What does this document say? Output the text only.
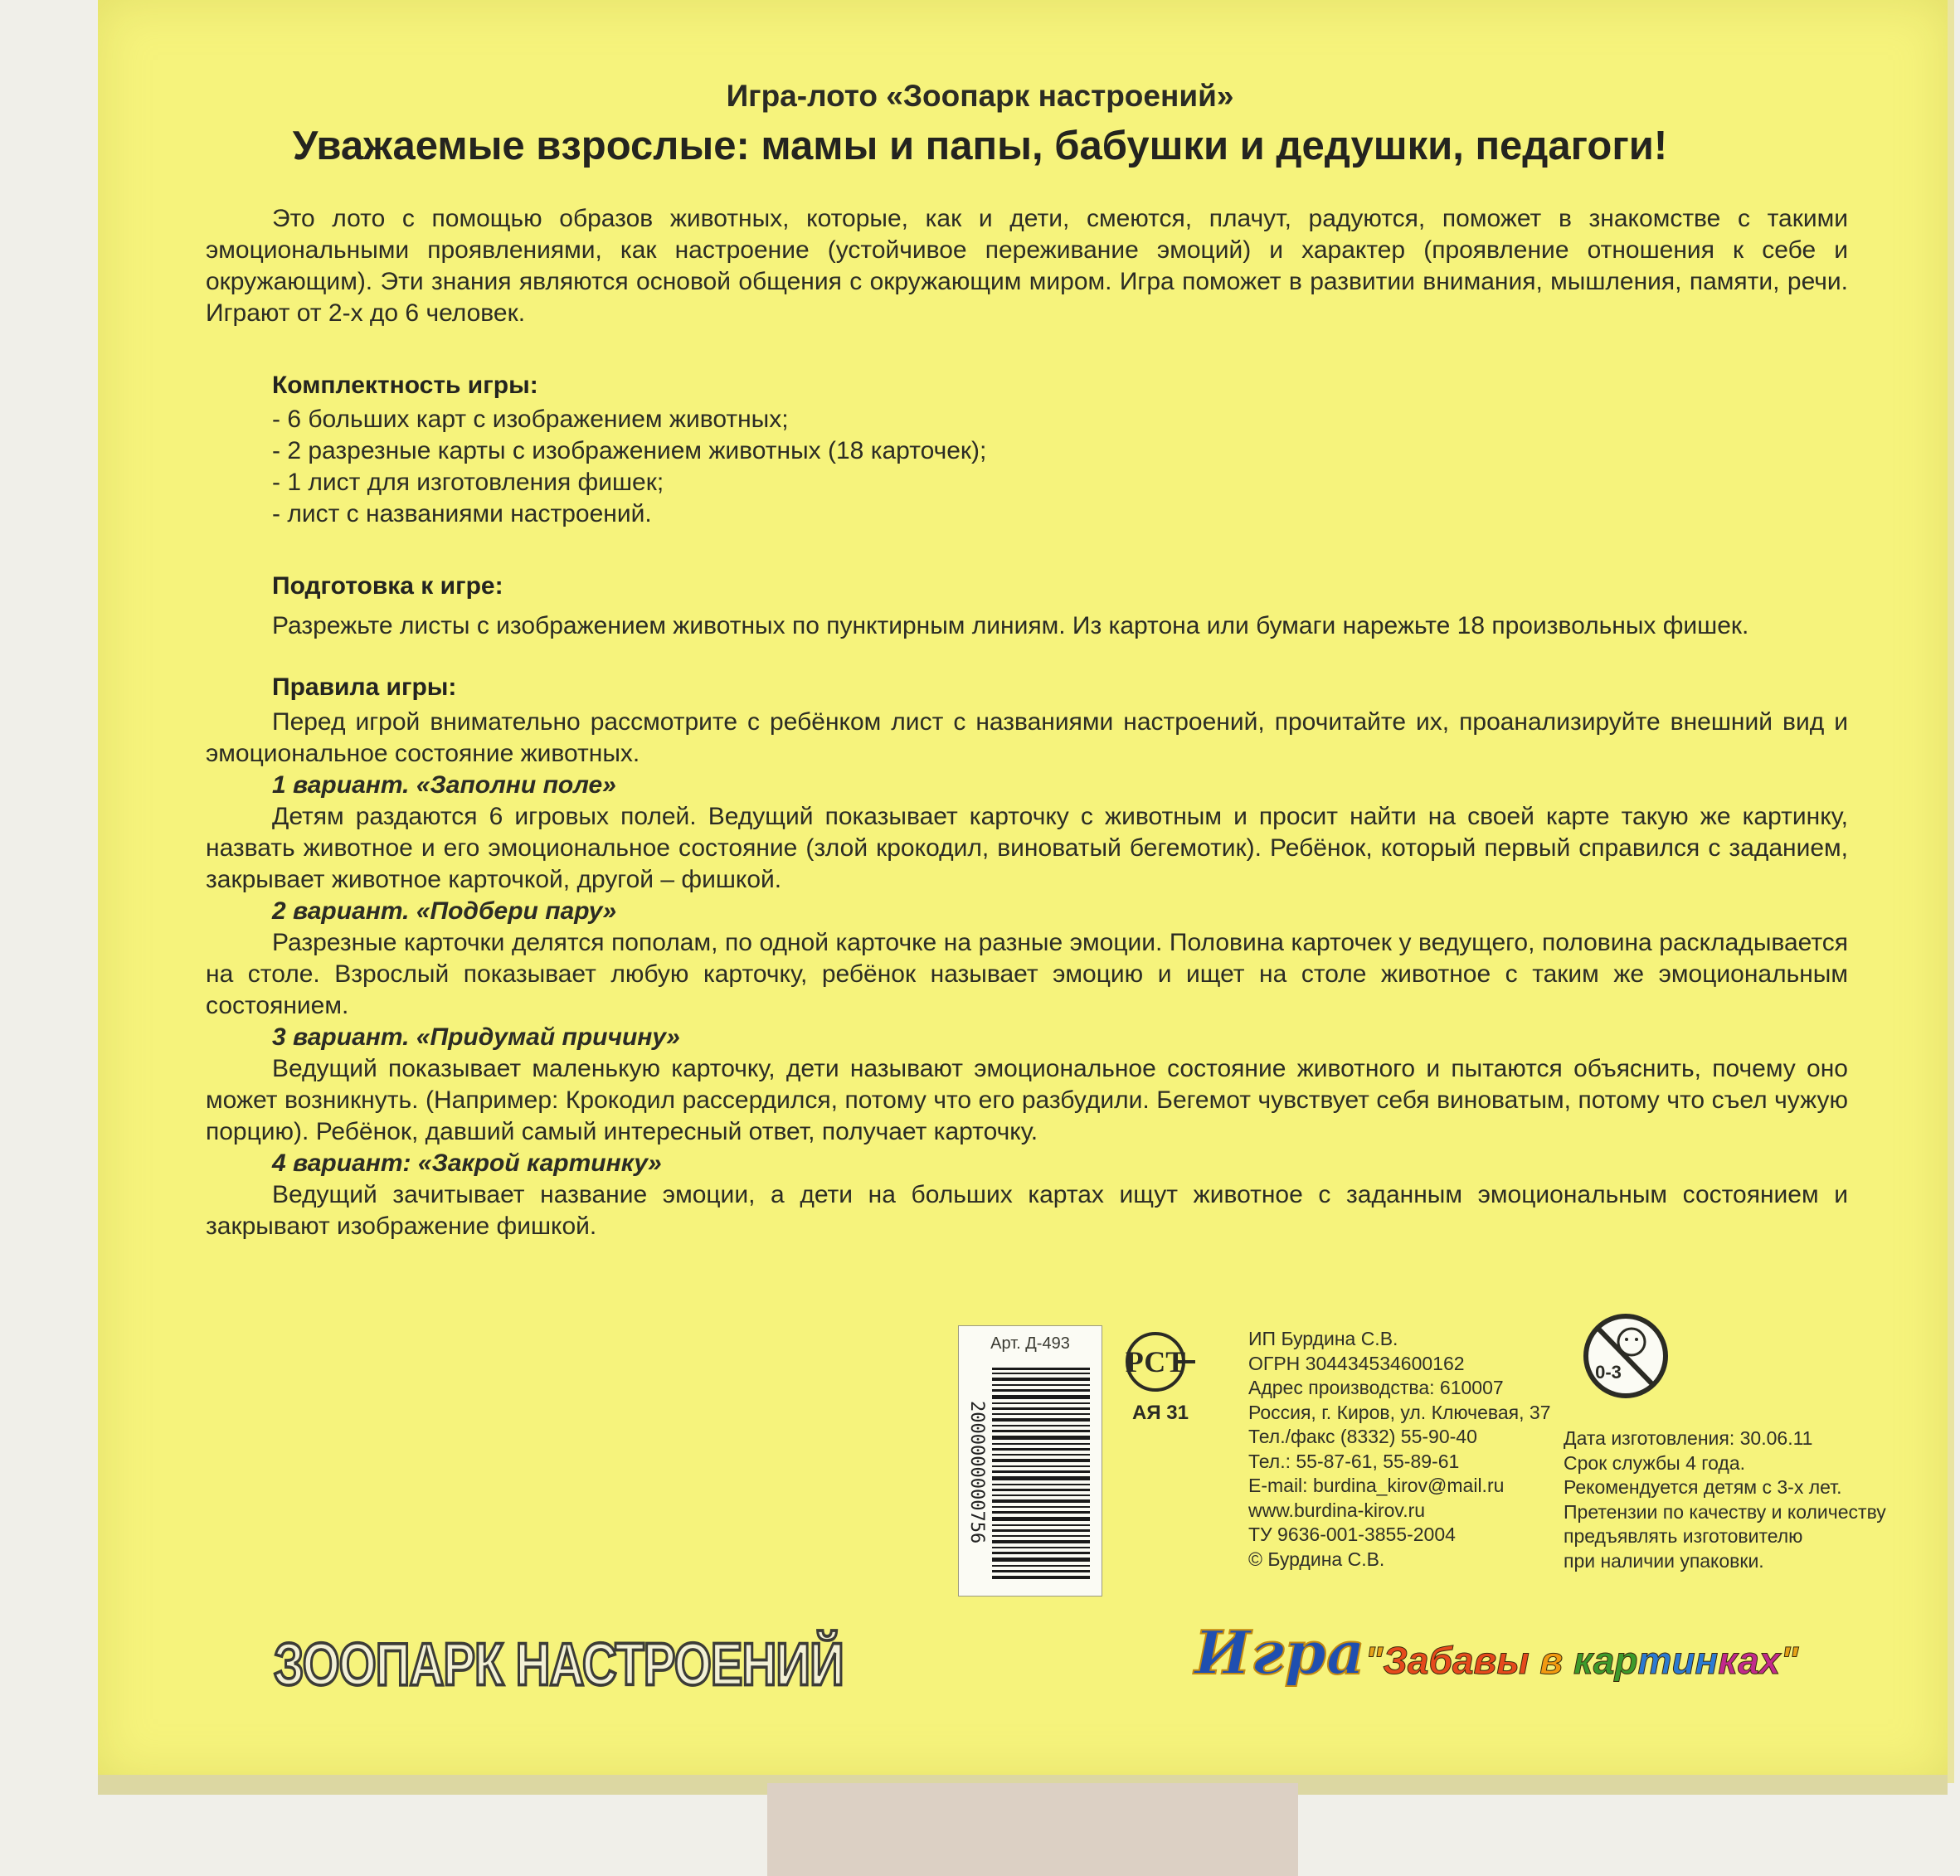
Игра-лото «Зоопарк настроений»
Уважаемые взрослые: мамы и папы, бабушки и дедушки, педагоги!

Это лото с помощью образов животных, которые, как и дети, смеются, плачут, радуются, поможет в знакомстве с такими эмоциональными проявлениями, как настроение (устойчивое переживание эмоций) и характер (проявление отношения к себе и окружающим). Эти знания являются основой общения с окружающим миром. Игра поможет в развитии внимания, мышления, памяти, речи. Играют от 2-х до 6 человек.

Комплектность игры:
- 6 больших карт с изображением животных;
- 2 разрезные карты с изображением животных (18 карточек);
- 1 лист для изготовления фишек;
- лист с названиями настроений.
Подготовка к игре:

Разрежьте листы с изображением животных по пунктирным линиям. Из картона или бумаги нарежьте 18 произвольных фишек.

Правила игры:

Перед игрой внимательно рассмотрите с ребёнком лист с названиями настроений, прочитайте их, проанализируйте внешний вид и эмоциональное состояние животных.

1 вариант. «Заполни поле»

Детям раздаются 6 игровых полей. Ведущий показывает карточку с животным и просит найти на своей карте такую же картинку, назвать животное и его эмоциональное состояние (злой крокодил, виноватый бегемотик). Ребёнок, который первый справился с заданием, закрывает животное карточкой, другой – фишкой.

2 вариант. «Подбери пару»

Разрезные карточки делятся пополам, по одной карточке на разные эмоции. Половина карточек у ведущего, половина раскладывается на столе. Взрослый показывает любую карточку, ребёнок называет эмоцию и ищет на столе животное с таким же эмоциональным состоянием.

3 вариант. «Придумай причину»

Ведущий показывает маленькую карточку, дети называют эмоциональное состояние животного и пытаются объяснить, почему оно может возникнуть. (Например: Крокодил рассердился, потому что его разбудили. Бегемот чувствует себя виноватым, потому что съел чужую порцию). Ребёнок, давший самый интересный ответ, получает карточку.

4 вариант: «Закрой картинку»

Ведущий зачитывает название эмоции, а дети на больших картах ищут животное с заданным эмоциональным состоянием и закрывают изображение фишкой.

Арт. Д-493
2000000000756
РСТ
АЯ 31
ИП Бурдина С.В.
ОГРН 304434534600162
Адрес производства: 610007
Россия, г. Киров, ул. Ключевая, 37
Тел./факс (8332) 55-90-40
Тел.: 55-87-61, 55-89-61
E-mail: burdina_kirov@mail.ru
www.burdina-kirov.ru
ТУ 9636-001-3855-2004
© Бурдина С.В.
0-3
Дата изготовления: 30.06.11
Срок службы 4 года.
Рекомендуется детям с 3-х лет.
Претензии по качеству и количеству
предъявлять изготовителю
при наличии упаковки.
ЗООПАРК НАСТРОЕНИЙ	Игра"Забавы в картинках"
